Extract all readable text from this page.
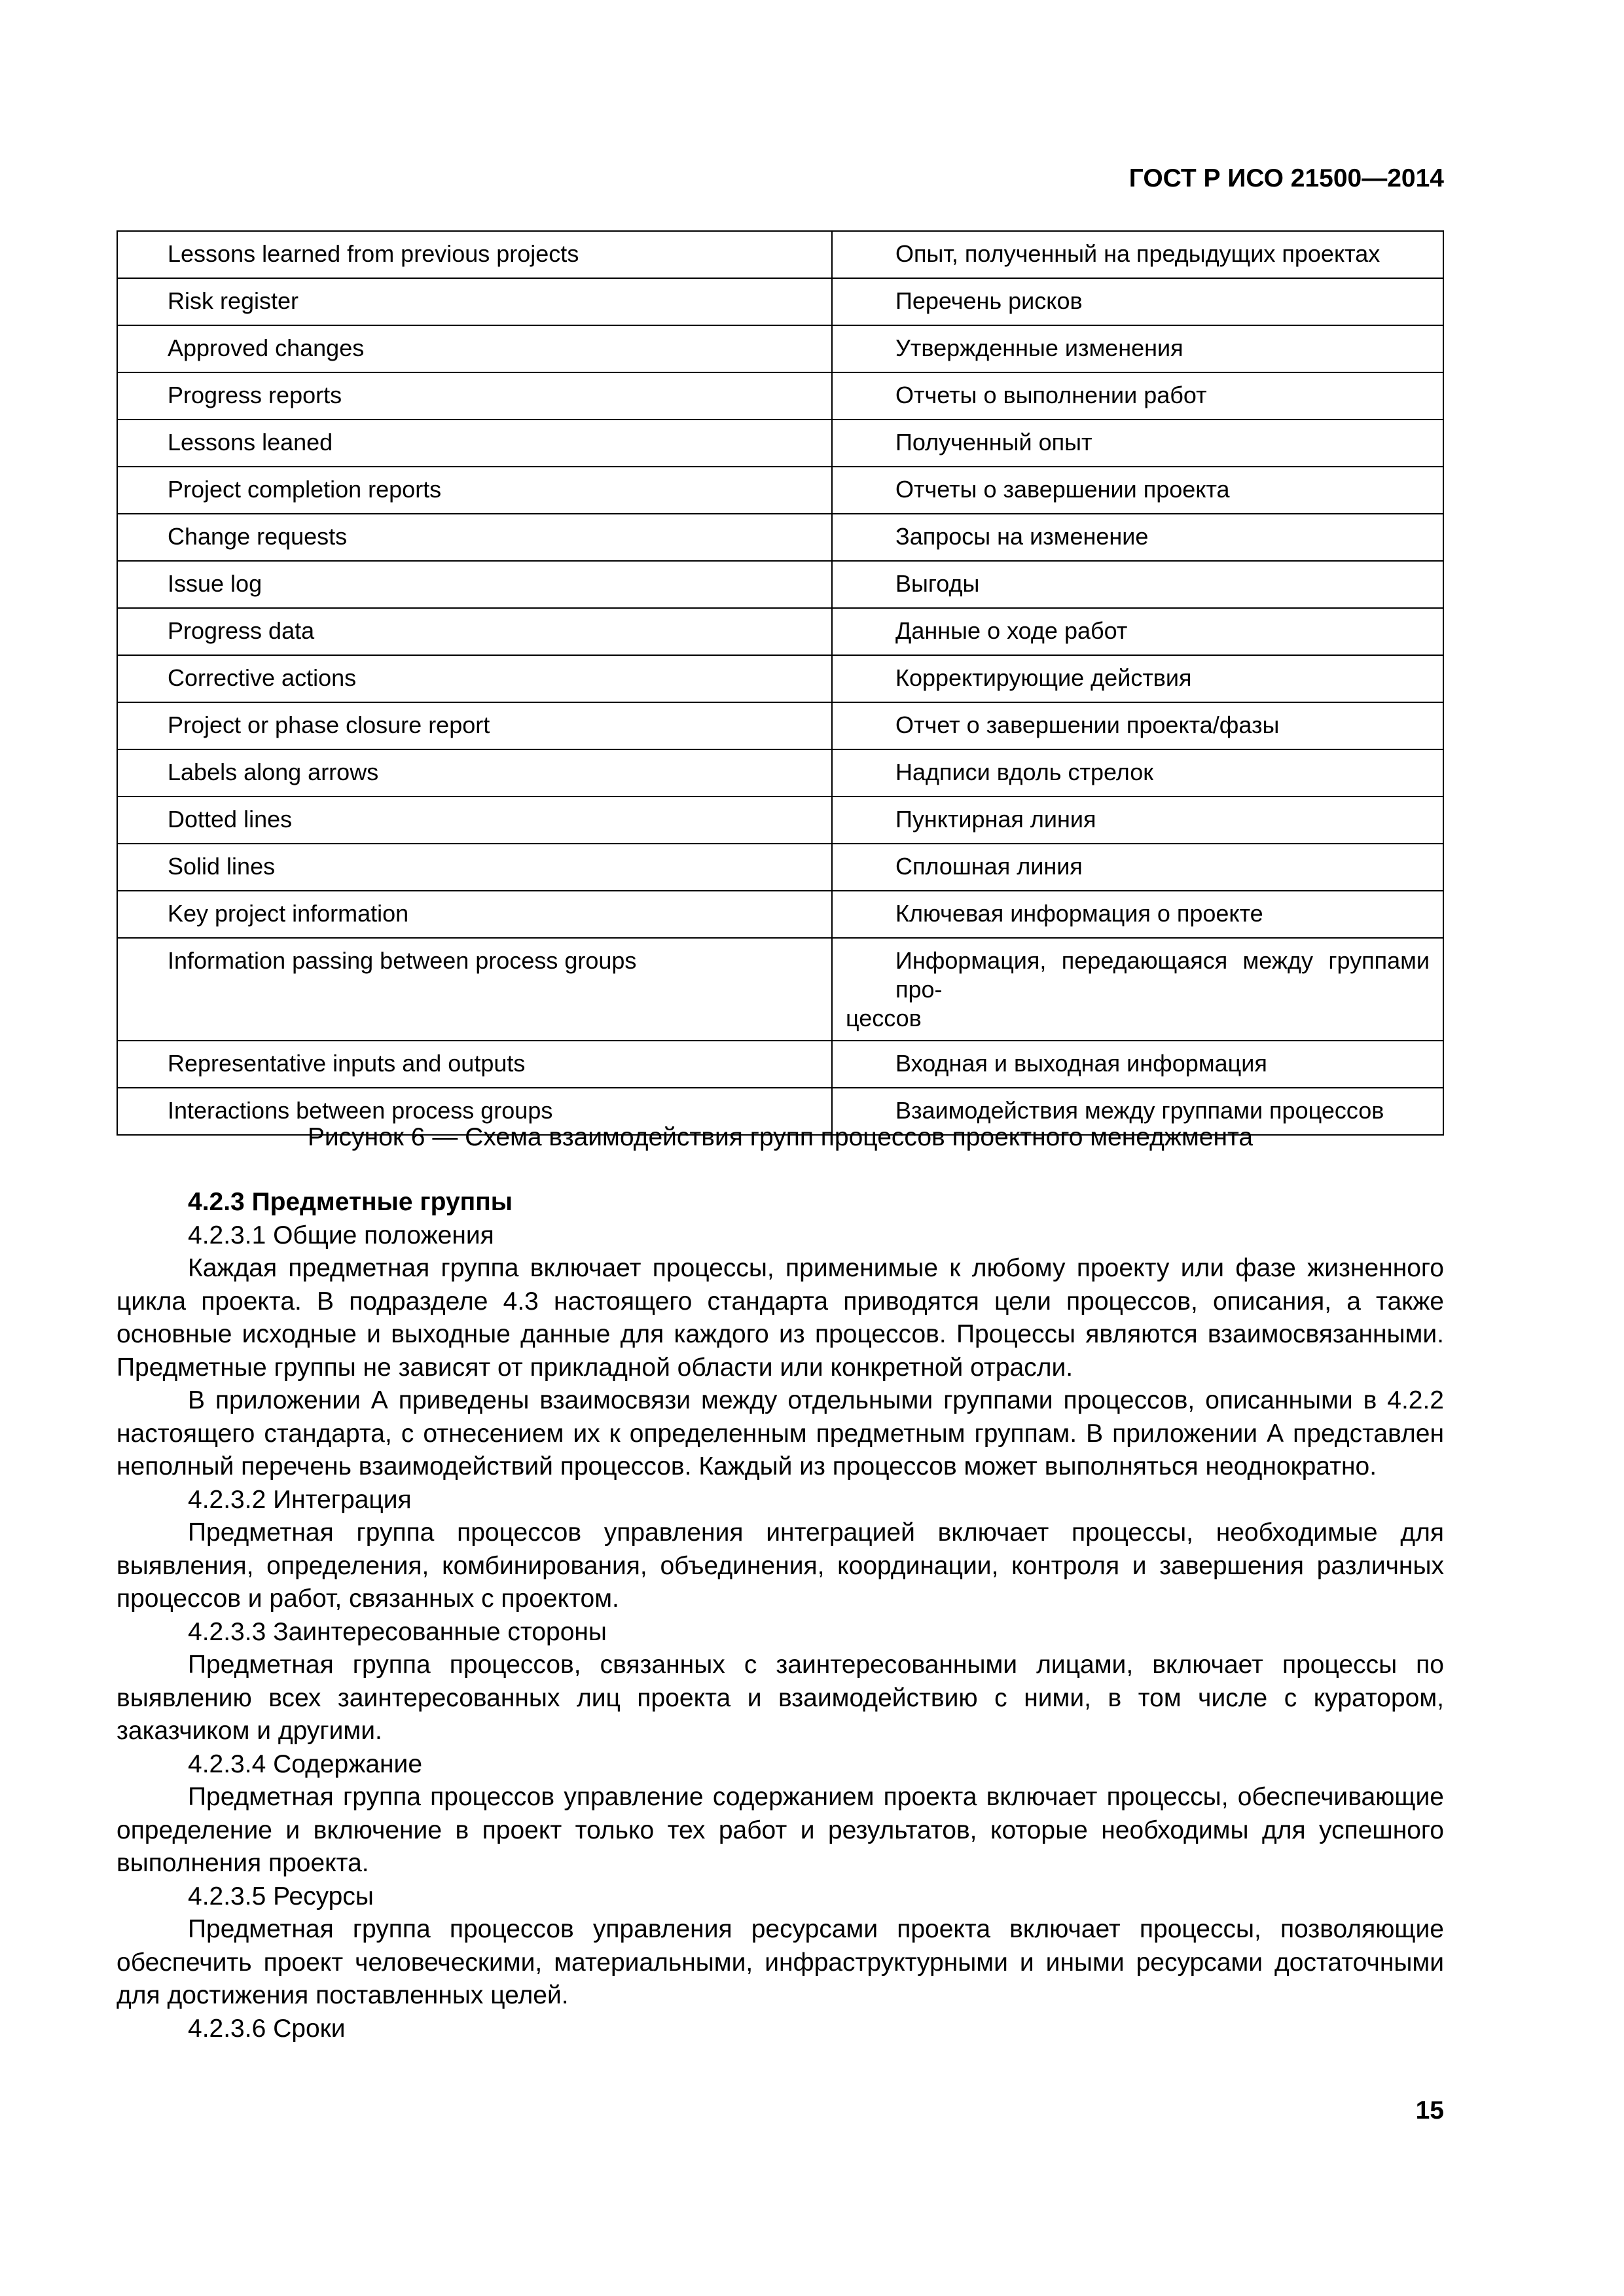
ГОСТ Р ИСО 21500—2014
Lessons learned from previous projects	Опыт, полученный на предыдущих проектах

Risk register	Перечень рисков

Approved changes	Утвержденные изменения

Progress reports	Отчеты о выполнении работ

Lessons leaned	Полученный опыт

Project completion reports	Отчеты о завершении проекта

Change requests	Запросы на изменение

Issue log	Выгоды

Progress data	Данные о ходе работ

Corrective actions	Корректирующие действия

Project or phase closure report	Отчет о завершении проекта/фазы

Labels along arrows	Надписи вдоль стрелок

Dotted lines	Пунктирная линия

Solid lines	Сплошная линия

Key project information	Ключевая информация о проекте

Information passing between process groups	Информация, передающаяся между группами про-
цессов

Representative inputs and outputs	Входная и выходная информация

Interactions between process groups	Взаимодействия между группами процессов
Рисунок 6 — Схема взаимодействия групп процессов проектного менеджмента

4.2.3 Предметные группы

4.2.3.1 Общие положения

Каждая предметная группа включает процессы, применимые к любому проекту или фазе жизненного цикла проекта. В подразделе 4.3 настоящего стандарта приводятся цели процессов, описания, а также основные исходные и выходные данные для каждого из процессов. Процессы являются взаимосвязанными. Предметные группы не зависят от прикладной области или конкретной отрасли.

В приложении А приведены взаимосвязи между отдельными группами процессов, описанными в 4.2.2 настоящего стандарта, с отнесением их к определенным предметным группам. В приложении А представлен неполный перечень взаимодействий процессов. Каждый из процессов может выполняться неоднократно.

4.2.3.2 Интеграция

Предметная группа процессов управления интеграцией включает процессы, необходимые для выявления, определения, комбинирования, объединения, координации, контроля и завершения различных процессов и работ, связанных с проектом.

4.2.3.3 Заинтересованные стороны

Предметная группа процессов, связанных с заинтересованными лицами, включает процессы по выявлению всех заинтересованных лиц проекта и взаимодействию с ними, в том числе с куратором, заказчиком и другими.

4.2.3.4 Содержание

Предметная группа процессов управление содержанием проекта включает процессы, обеспечивающие определение и включение в проект только тех работ и результатов, которые необходимы для успешного выполнения проекта.

4.2.3.5 Ресурсы

Предметная группа процессов управления ресурсами проекта включает процессы, позволяющие обеспечить проект человеческими, материальными, инфраструктурными и иными ресурсами достаточными для достижения поставленных целей.

4.2.3.6 Сроки

15
